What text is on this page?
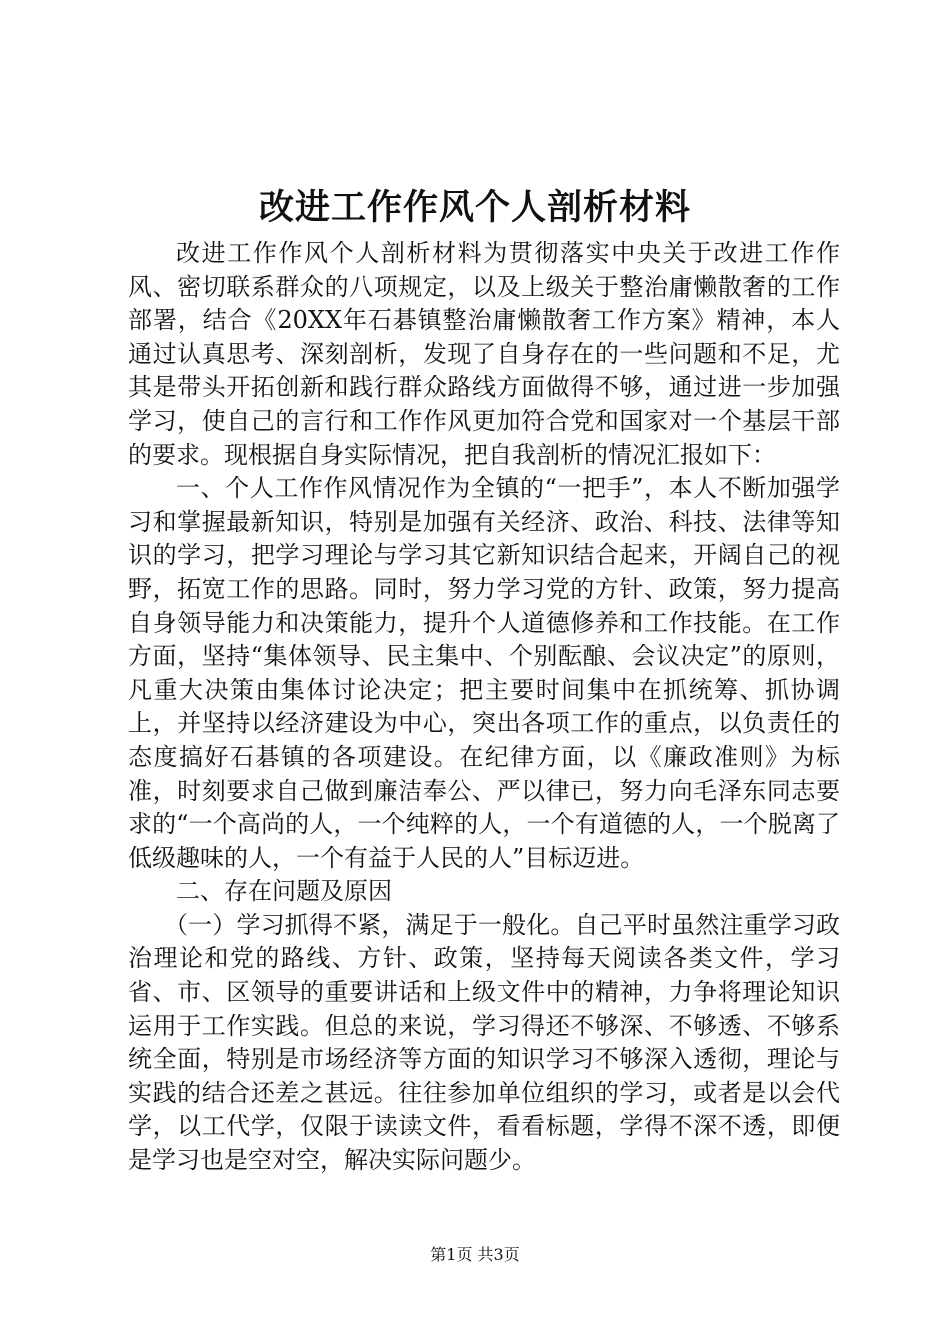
改进工作作风个人剖析材料

改进工作作风个人剖析材料为贯彻落实中央关于改进工作作风、密切联系群众的八项规定，以及上级关于整治庸懒散奢的工作部署，结合《20XX年石碁镇整治庸懒散奢工作方案》精神，本人通过认真思考、深刻剖析，发现了自身存在的一些问题和不足，尤其是带头开拓创新和践行群众路线方面做得不够，通过进一步加强学习，使自己的言行和工作作风更加符合党和国家对一个基层干部的要求。现根据自身实际情况，把自我剖析的情况汇报如下：

一、个人工作作风情况作为全镇的“一把手”，本人不断加强学习和掌握最新知识，特别是加强有关经济、政治、科技、法律等知识的学习，把学习理论与学习其它新知识结合起来，开阔自己的视野，拓宽工作的思路。同时，努力学习党的方针、政策，努力提高自身领导能力和决策能力，提升个人道德修养和工作技能。在工作方面，坚持“集体领导、民主集中、个别酝酿、会议决定”的原则，凡重大决策由集体讨论决定；把主要时间集中在抓统筹、抓协调上，并坚持以经济建设为中心，突出各项工作的重点，以负责任的态度搞好石碁镇的各项建设。在纪律方面，以《廉政准则》为标准，时刻要求自己做到廉洁奉公、严以律已，努力向毛泽东同志要求的“一个高尚的人，一个纯粹的人，一个有道德的人，一个脱离了低级趣味的人，一个有益于人民的人”目标迈进。

二、存在问题及原因

（一）学习抓得不紧，满足于一般化。自己平时虽然注重学习政治理论和党的路线、方针、政策，坚持每天阅读各类文件，学习省、市、区领导的重要讲话和上级文件中的精神，力争将理论知识运用于工作实践。但总的来说，学习得还不够深、不够透、不够系统全面，特别是市场经济等方面的知识学习不够深入透彻，理论与实践的结合还差之甚远。往往参加单位组织的学习，或者是以会代学，以工代学，仅限于读读文件，看看标题，学得不深不透，即便是学习也是空对空，解决实际问题少。

第1页 共3页
